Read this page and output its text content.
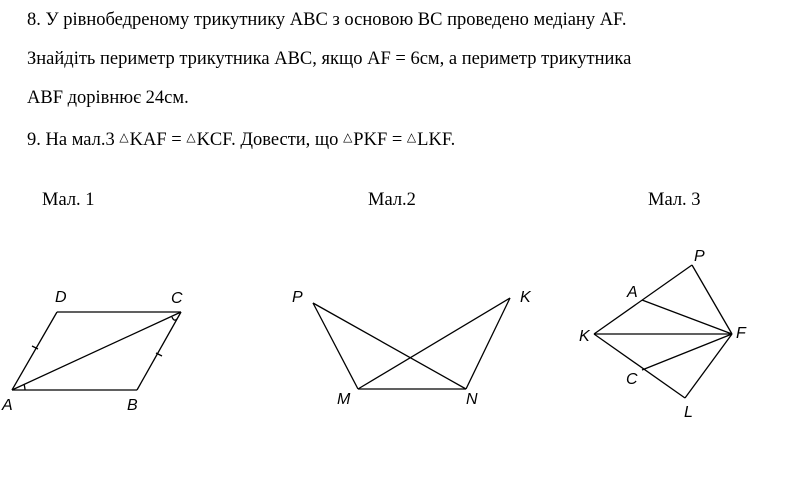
8. У рівнобедреному трикутнику ABC з основою BC проведено медіану AF.
Знайдіть периметр трикутника ABC, якщо AF = 6см, а периметр трикутника
ABF дорівнює 24см.
9. На мал.3 △KAF = △KCF. Довести, що △PKF = △LKF.
Мал. 1	Мал.2	Мал. 3
D	C
A	B
P	K
M	N
P
A
K	F
C
L
